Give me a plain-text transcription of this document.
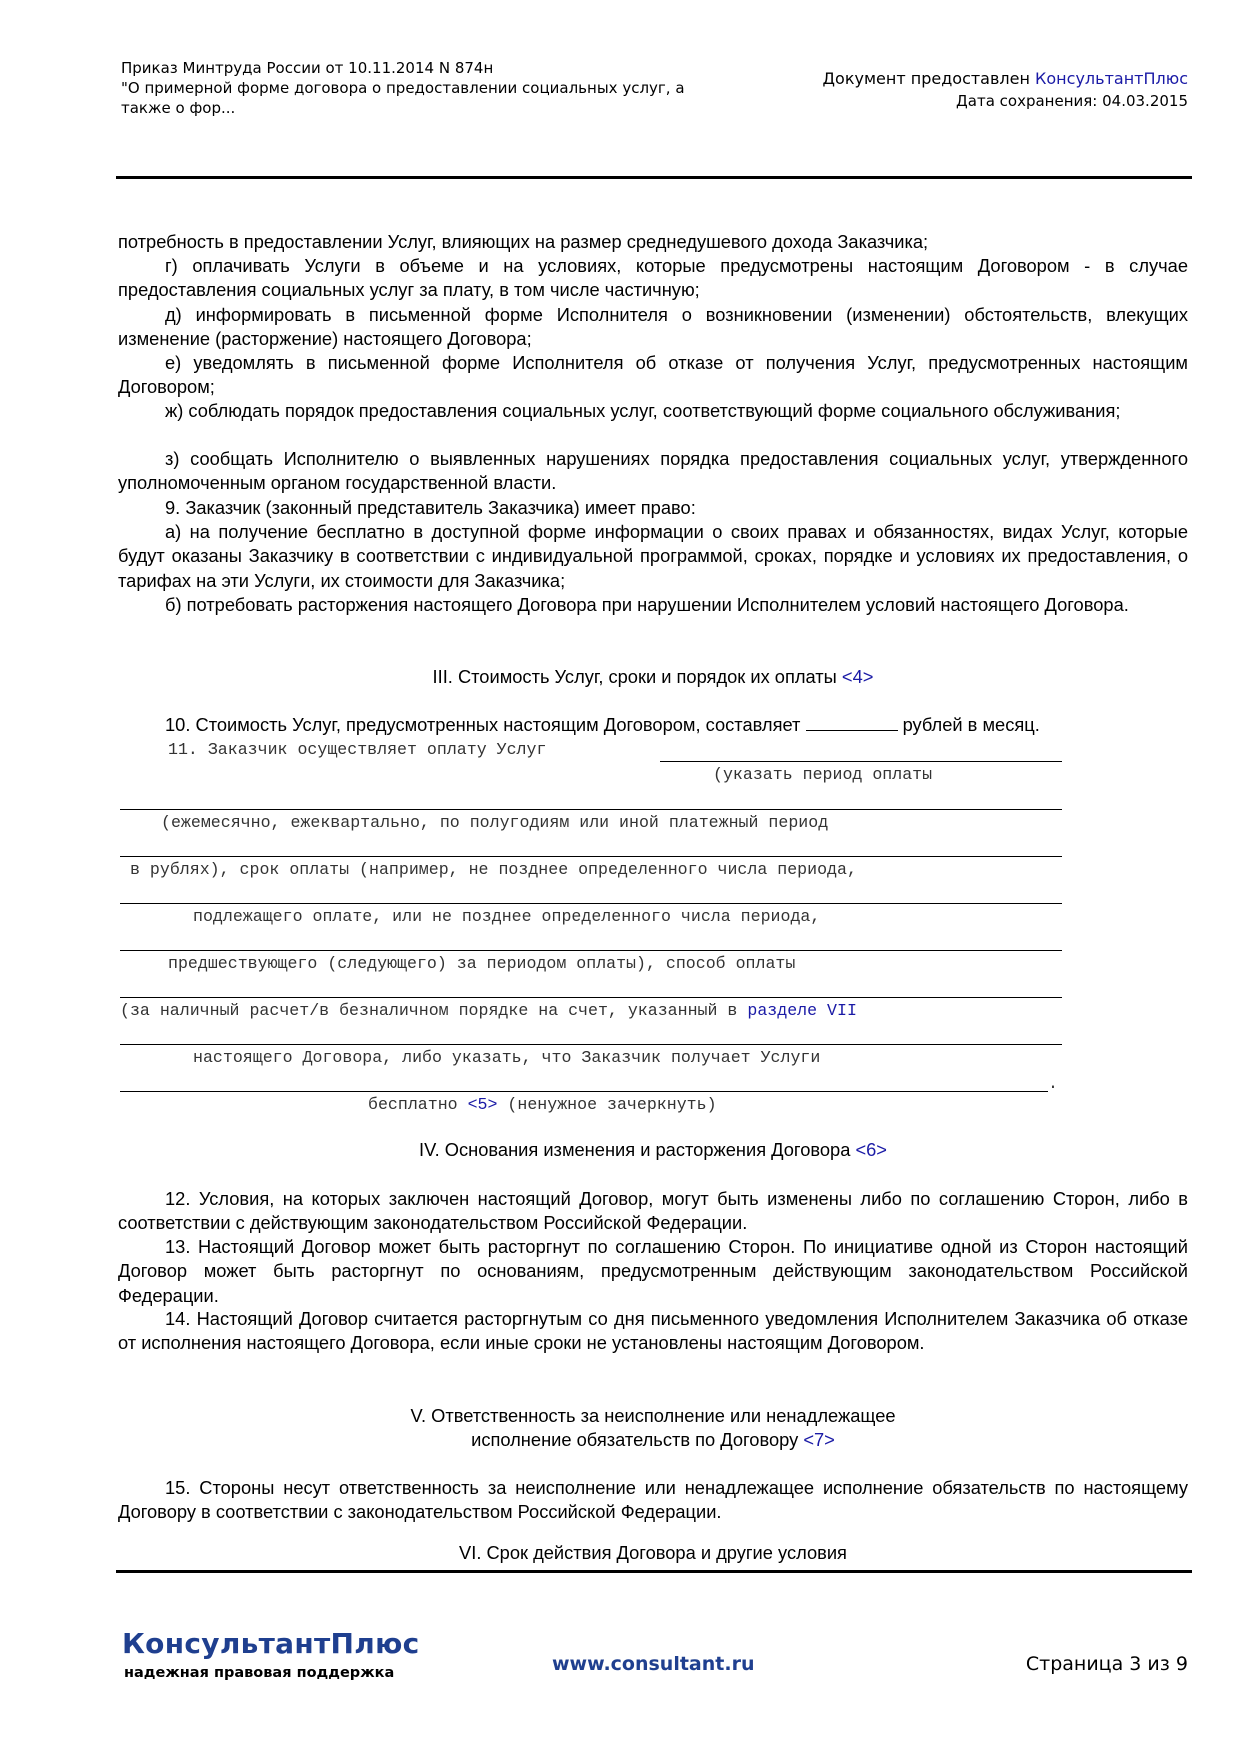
Приказ Минтруда России от 10.11.2014 N 874н
"О примерной форме договора о предоставлении социальных услуг, а
также о фор...
Документ предоставлен КонсультантПлюс
Дата сохранения: 04.03.2015
потребность в предоставлении Услуг, влияющих на размер среднедушевого дохода Заказчика;
г) оплачивать Услуги в объеме и на условиях, которые предусмотрены настоящим Договором - в случае предоставления социальных услуг за плату, в том числе частичную;
д) информировать в письменной форме Исполнителя о возникновении (изменении) обстоятельств, влекущих изменение (расторжение) настоящего Договора;
е) уведомлять в письменной форме Исполнителя об отказе от получения Услуг, предусмотренных настоящим Договором;
ж) соблюдать порядок предоставления социальных услуг, соответствующий форме социального обслуживания;
з) сообщать Исполнителю о выявленных нарушениях порядка предоставления социальных услуг, утвержденного уполномоченным органом государственной власти.
9. Заказчик (законный представитель Заказчика) имеет право:
а) на получение бесплатно в доступной форме информации о своих правах и обязанностях, видах Услуг, которые будут оказаны Заказчику в соответствии с индивидуальной программой, сроках, порядке и условиях их предоставления, о тарифах на эти Услуги, их стоимости для Заказчика;
б) потребовать расторжения настоящего Договора при нарушении Исполнителем условий настоящего Договора.
III. Стоимость Услуг, сроки и порядок их оплаты <4>
10. Стоимость Услуг, предусмотренных настоящим Договором, составляет	рублей в месяц.
11. Заказчик осуществляет оплату Услуг
(указать период оплаты
(ежемесячно, ежеквартально, по полугодиям или иной платежный период
в рублях), срок оплаты (например, не позднее определенного числа периода,
подлежащего оплате, или не позднее определенного числа периода,
предшествующего (следующего) за периодом оплаты), способ оплаты
(за наличный расчет/в безналичном порядке на счет, указанный в разделе VII
настоящего Договора, либо указать, что Заказчик получает Услуги
.
бесплатно <5> (ненужное зачеркнуть)
IV. Основания изменения и расторжения Договора <6>
12. Условия, на которых заключен настоящий Договор, могут быть изменены либо по соглашению Сторон, либо в соответствии с действующим законодательством Российской Федерации.
13. Настоящий Договор может быть расторгнут по соглашению Сторон. По инициативе одной из Сторон настоящий Договор может быть расторгнут по основаниям, предусмотренным действующим законодательством Российской Федерации.
14. Настоящий Договор считается расторгнутым со дня письменного уведомления Исполнителем Заказчика об отказе от исполнения настоящего Договора, если иные сроки не установлены настоящим Договором.
V. Ответственность за неисполнение или ненадлежащее
исполнение обязательств по Договору <7>
15. Стороны несут ответственность за неисполнение или ненадлежащее исполнение обязательств по настоящему Договору в соответствии с законодательством Российской Федерации.
VI. Срок действия Договора и другие условия
КонсультантПлюс
надежная правовая поддержка	www.consultant.ru	Страница 3 из 9
